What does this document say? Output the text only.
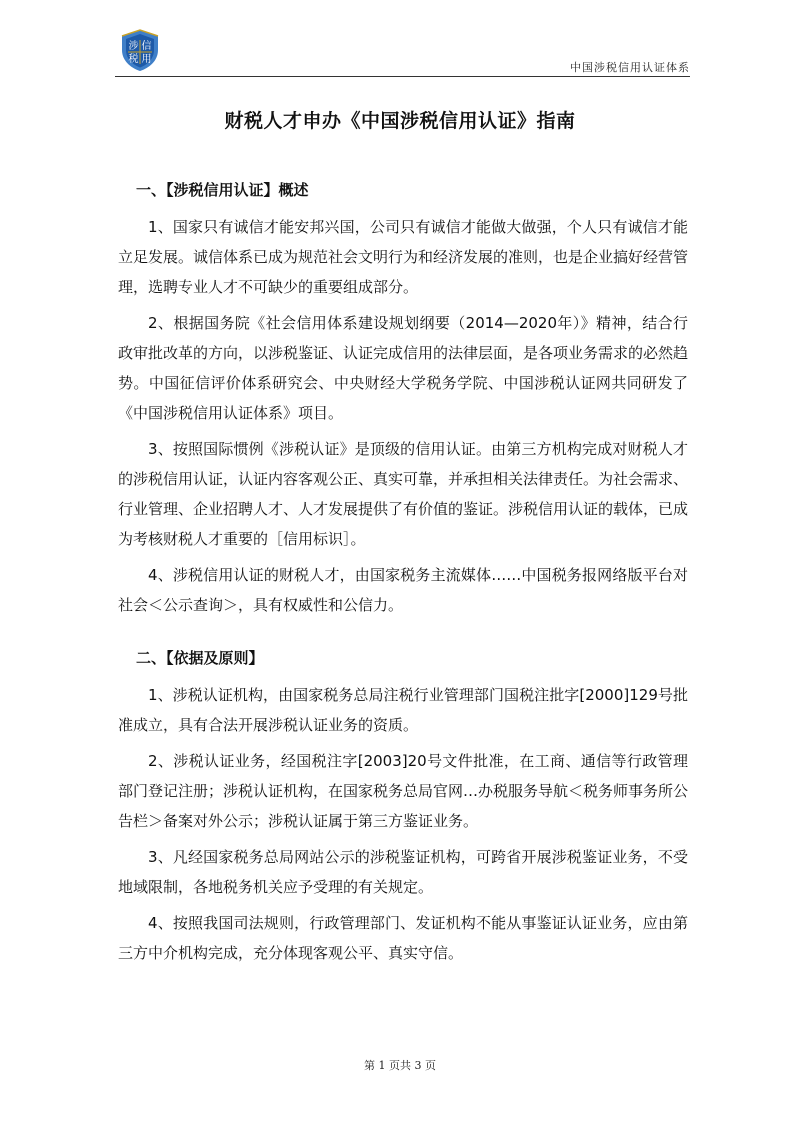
涉 信
税 用
中国涉税信用认证体系
财税人才申办《中国涉税信用认证》指南
一、【涉税信用认证】概述

1、国家只有诚信才能安邦兴国，公司只有诚信才能做大做强，个人只有诚信才能立足发展。诚信体系已成为规范社会文明行为和经济发展的准则，也是企业搞好经营管理，选聘专业人才不可缺少的重要组成部分。

2、根据国务院《社会信用体系建设规划纲要（2014—2020年）》精神，结合行政审批改革的方向，以涉税鉴证、认证完成信用的法律层面，是各项业务需求的必然趋势。中国征信评价体系研究会、中央财经大学税务学院、中国涉税认证网共同研发了《中国涉税信用认证体系》项目。

3、按照国际惯例《涉税认证》是顶级的信用认证。由第三方机构完成对财税人才的涉税信用认证，认证内容客观公正、真实可靠，并承担相关法律责任。为社会需求、行业管理、企业招聘人才、人才发展提供了有价值的鉴证。涉税信用认证的载体，已成为考核财税人才重要的［信用标识］。

4、涉税信用认证的财税人才，由国家税务主流媒体……中国税务报网络版平台对社会＜公示查询＞，具有权威性和公信力。

二、【依据及原则】

1、涉税认证机构，由国家税务总局注税行业管理部门国税注批字[2000]129号批准成立，具有合法开展涉税认证业务的资质。

2、涉税认证业务，经国税注字[2003]20号文件批准，在工商、通信等行政管理部门登记注册；涉税认证机构，在国家税务总局官网…办税服务导航＜税务师事务所公告栏＞备案对外公示；涉税认证属于第三方鉴证业务。

3、凡经国家税务总局网站公示的涉税鉴证机构，可跨省开展涉税鉴证业务，不受地域限制，各地税务机关应予受理的有关规定。

4、按照我国司法规则，行政管理部门、发证机构不能从事鉴证认证业务，应由第三方中介机构完成，充分体现客观公平、真实守信。

第 1 页共 3 页
